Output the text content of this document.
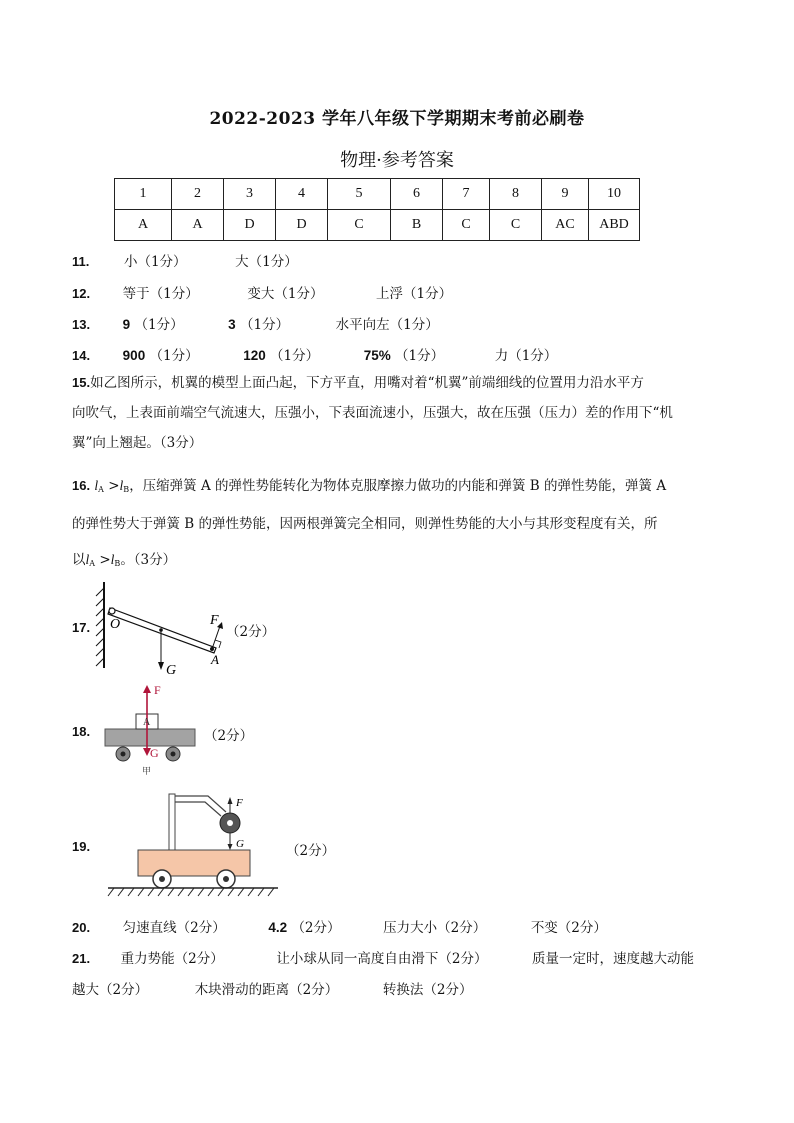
2022-2023 学年八年级下学期期末考前必刷卷
物理·参考答案
1	2	3	4	5	6	7	8	9	10
A	A	D	D	C	B	C	C	AC	ABD
11.	小（1分）	大（1分）
12. 等于（1分）	变大（1分）	上浮（1分）
13. 9 （1分）	3 （1分）	水平向左（1分）
14. 900 （1分）	120 （1分）	75% （1分）	力（1分）
15.如乙图所示，机翼的模型上面凸起，下方平直，用嘴对着“机翼”前端细线的位置用力沿水平方
向吹气，上表面前端空气流速大，压强小，下表面流速小，压强大，故在压强（压力）差的作用下“机
翼”向上翘起。（3分）
16. $l_A >l_B$，压缩弹簧 A 的弹性势能转化为物体克服摩擦力做功的内能和弹簧 B 的弹性势能，弹簧 A
的弹性势大于弹簧 B 的弹性势能，因两根弹簧完全相同，则弹性势能的大小与其形变程度有关，所
以$l_A >l_B$。（3分）
17.	（2分）
O	F
A
G
18.	（2分）
F
A
G
甲
19.	（2分）
F
G
20. 匀速直线（2分）	4.2 （2分）	压力大小（2分）	不变（2分）
21. 重力势能（2分）	让小球从同一高度自由滑下（2分）	质量一定时，速度越大动能
越大（2分）	木块滑动的距离（2分）	转换法（2分）
